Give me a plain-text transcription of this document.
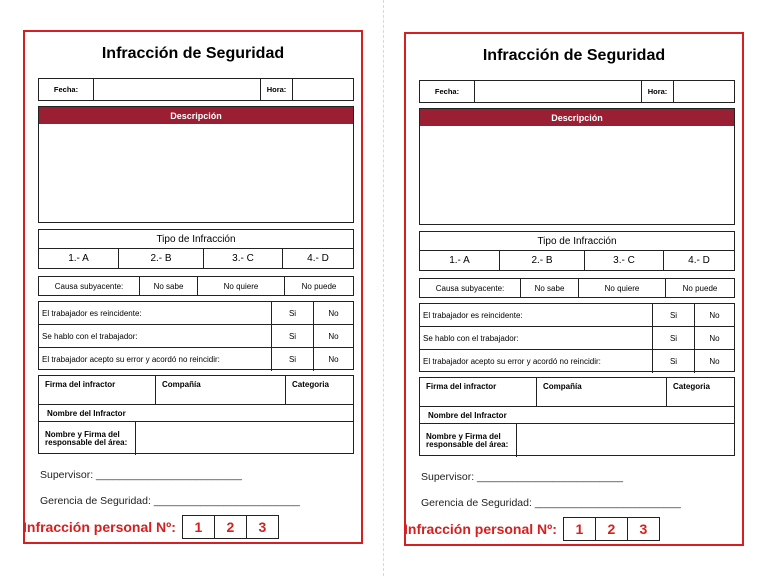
Infracción de Seguridad
Fecha:	Hora:
Descripción
Tipo de Infracción
1.- A	2.- B	3.- C	4.- D
Causa subyacente:	No sabe	No quiere	No puede
El trabajador es reincidente:	Si	No
Se hablo con el trabajador:	Si	No
El trabajador acepto su error y acordó no reincidir:	Si	No
Firma del infractor	Compañía	Categoria
Nombre del Infractor
Nombre y Firma del responsable del área:
Supervisor: _________________________
Gerencia de Seguridad: _________________________
Infracción personal Nº:	1	2	3
Infracción de Seguridad
Fecha:	Hora:
Descripción
Tipo de Infracción
1.- A	2.- B	3.- C	4.- D
Causa subyacente:	No sabe	No quiere	No puede
El trabajador es reincidente:	Si	No
Se hablo con el trabajador:	Si	No
El trabajador acepto su error y acordó no reincidir:	Si	No
Firma del infractor	Compañía	Categoria
Nombre del Infractor
Nombre y Firma del responsable del área:
Supervisor: _________________________
Gerencia de Seguridad: _________________________
Infracción personal Nº:	1	2	3
